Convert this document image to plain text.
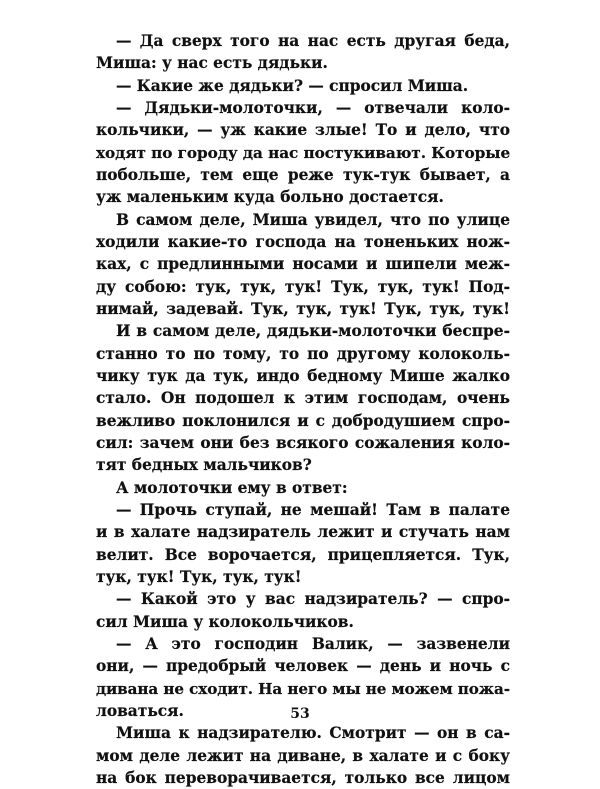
— Да сверх того на нас есть другая беда,
Миша: у нас есть дядьки.
— Какие же дядьки? — спросил Миша.
— Дядьки-молоточки, — отвечали коло-
кольчики, — уж какие злые! То и дело, что
ходят по городу да нас постукивают. Которые
побольше, тем еще реже тук-тук бывает, а
уж маленьким куда больно достается.
В самом деле, Миша увидел, что по улице
ходили какие-то господа на тоненьких нож-
ках, с предлинными носами и шипели меж-
ду собою: тук, тук, тук! Тук, тук, тук! Под-
нимай, задевай. Тук, тук, тук! Тук, тук, тук!
И в самом деле, дядьки-молоточки беспре-
станно то по тому, то по другому колоколь-
чику тук да тук, индо бедному Мише жалко
стало. Он подошел к этим господам, очень
вежливо поклонился и с добродушием спро-
сил: зачем они без всякого сожаления коло-
тят бедных мальчиков?
А молоточки ему в ответ:
— Прочь ступай, не мешай! Там в палате
и в халате надзиратель лежит и стучать нам
велит. Все ворочается, прицепляется. Тук,
тук, тук! Тук, тук, тук!
— Какой это у вас надзиратель? — спро-
сил Миша у колокольчиков.
— А это господин Валик, — зазвенели
они, — предобрый человек — день и ночь с
дивана не сходит. На него мы не можем пожа-
ловаться.
Миша к надзирателю. Смотрит — он в са-
мом деле лежит на диване, в халате и с боку
на бок переворачивается, только все лицом
53
